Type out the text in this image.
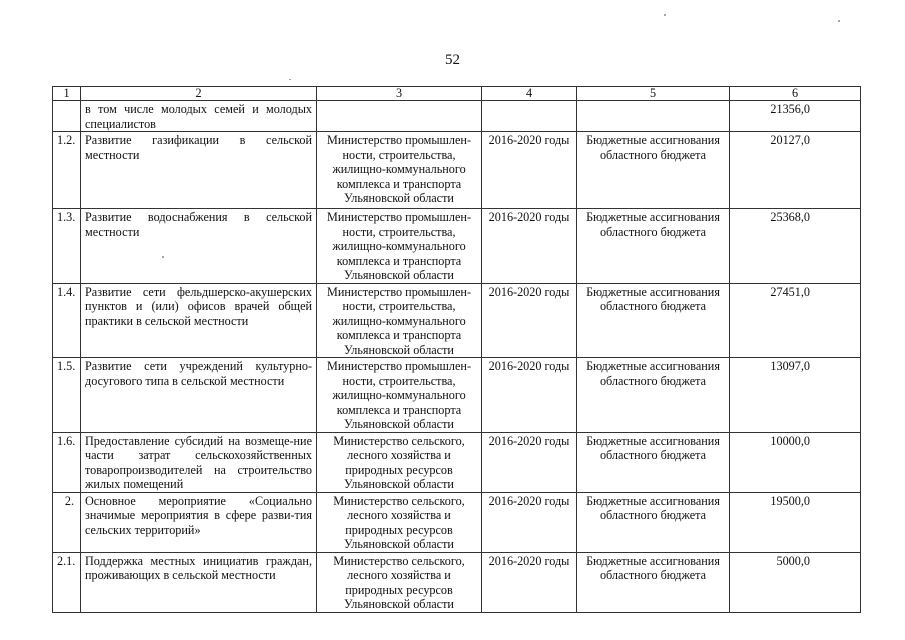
52
1	2	3	4	5	6
	в том числе молодых семей и молодых специалистов				21356,0
1.2.	Развитие газификации в сельской местности	Министерство промышлен-ности, строительства, жилищно-коммунального комплекса и транспорта Ульяновской области	2016-2020 годы	Бюджетные ассигнования областного бюджета	20127,0
1.3.	Развитие водоснабжения в сельской местности	Министерство промышлен-ности, строительства, жилищно-коммунального комплекса и транспорта Ульяновской области	2016-2020 годы	Бюджетные ассигнования областного бюджета	25368,0
1.4.	Развитие сети фельдшерско-акушерских пунктов и (или) офисов врачей общей практики в сельской местности	Министерство промышлен-ности, строительства, жилищно-коммунального комплекса и транспорта Ульяновской области	2016-2020 годы	Бюджетные ассигнования областного бюджета	27451,0
1.5.	Развитие сети учреждений культурно-досугового типа в сельской местности	Министерство промышлен-ности, строительства, жилищно-коммунального комплекса и транспорта Ульяновской области	2016-2020 годы	Бюджетные ассигнования областного бюджета	13097,0
1.6.	Предоставление субсидий на возмеще-ние части затрат сельскохозяйственных товаропроизводителей на строительство жилых помещений	Министерство сельского, лесного хозяйства и природных ресурсов Ульяновской области	2016-2020 годы	Бюджетные ассигнования областного бюджета	10000,0
2.	Основное мероприятие «Социально значимые мероприятия в сфере разви-тия сельских территорий»	Министерство сельского, лесного хозяйства и природных ресурсов Ульяновской области	2016-2020 годы	Бюджетные ассигнования областного бюджета	19500,0
2.1.	Поддержка местных инициатив граждан, проживающих в сельской местности	Министерство сельского, лесного хозяйства и природных ресурсов Ульяновской области	2016-2020 годы	Бюджетные ассигнования областного бюджета	5000,0
